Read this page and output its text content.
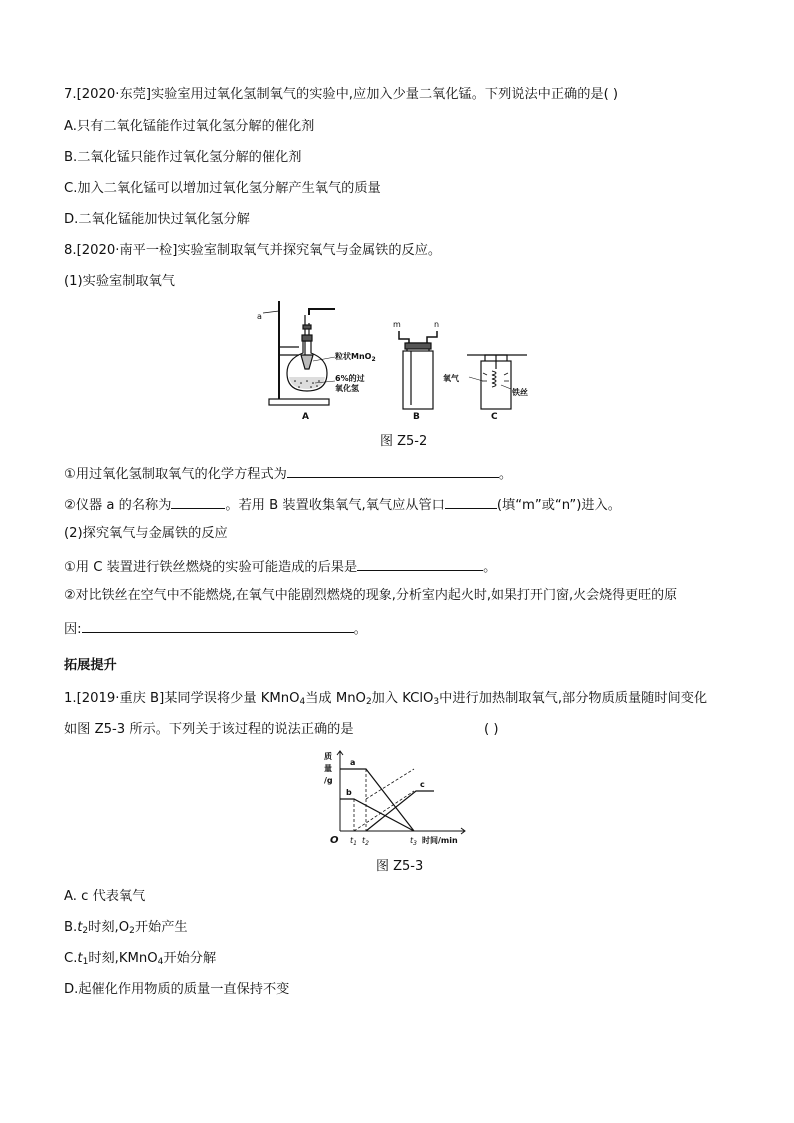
7.[2020·东莞]实验室用过氧化氢制氧气的实验中,应加入少量二氧化锰。下列说法中正确的是( )
A.只有二氧化锰能作过氧化氢分解的催化剂
B.二氧化锰只能作过氧化氢分解的催化剂
C.加入二氧化锰可以增加过氧化氢分解产生氧气的质量
D.二氧化锰能加快过氧化氢分解
8.[2020·南平一检]实验室制取氧气并探究氧气与金属铁的反应。
(1)实验室制取氧气
a
粒状MnO$_2$
6%的过
氧化氢
A
m	n
B
氧气
铁丝
C
图 Z5-2
①用过氧化氢制取氧气的化学方程式为	。
②仪器 a 的名称为	。若用 B 装置收集氧气,氧气应从管口	(填“m”或“n”)进入。
(2)探究氧气与金属铁的反应
①用 C 装置进行铁丝燃烧的实验可能造成的后果是	。
②对比铁丝在空气中不能燃烧,在氧气中能剧烈燃烧的现象,分析室内起火时,如果打开门窗,火会烧得更旺的原
因:	。
拓展提升
1.[2019·重庆 B]某同学误将少量 KMnO$_4$当成 MnO$_2$加入 KClO$_3$中进行加热制取氧气,部分物质质量随时间变化
如图 Z5-3 所示。下列关于该过程的说法正确的是	( )
a
b
c
质
量
/g
O $t_1$ $t_2$	$t_3$ 时间/min
图 Z5-3
A. c 代表氧气
$B.t_2$时刻$,O_2$开始产生
$C.t_1$时刻,KMnO$_4$开始分解
D.起催化作用物质的质量一直保持不变
